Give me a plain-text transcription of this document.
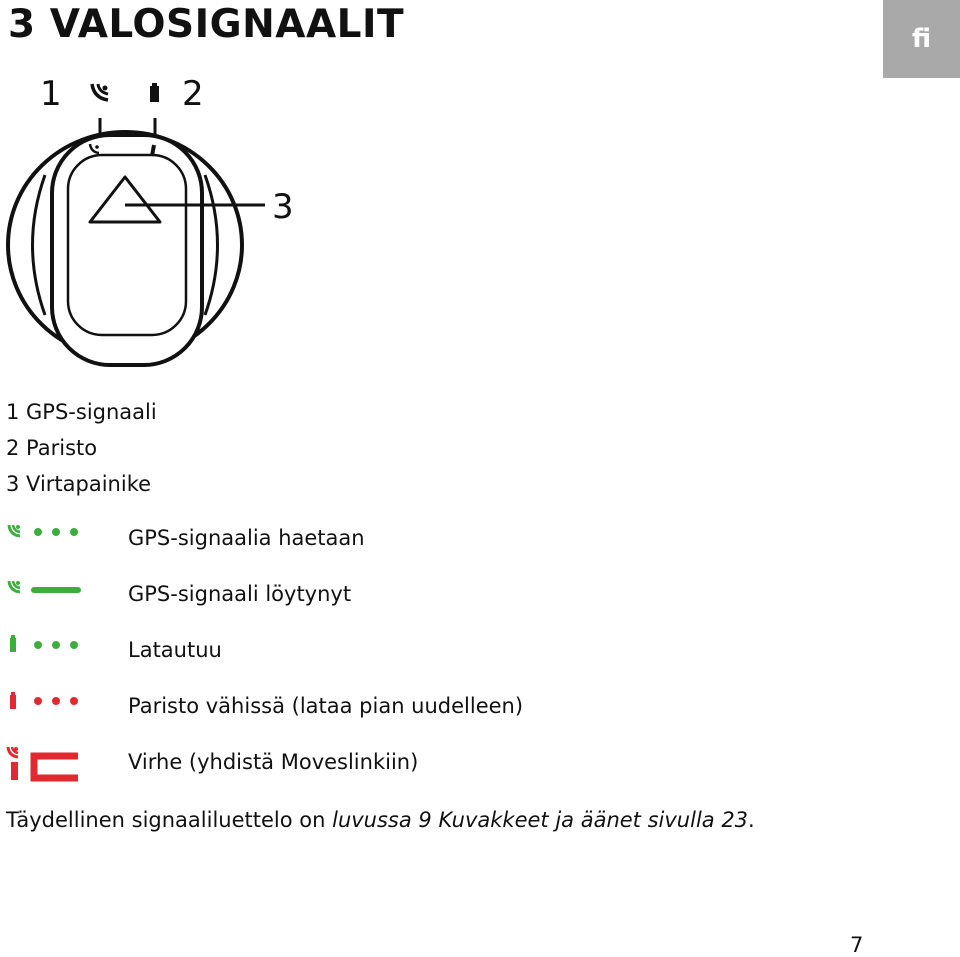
3 VALOSIGNAALIT	fi
1	2
3
1 GPS-signaali
2 Paristo
3 Virtapainike
GPS-signaalia haetaan
GPS-signaali löytynyt
Latautuu
Paristo vähissä (lataa pian uudelleen)
Virhe (yhdistä Moveslinkiin)
Täydellinen signaaliluettelo on luvussa 9 Kuvakkeet ja äänet sivulla 23.
7
